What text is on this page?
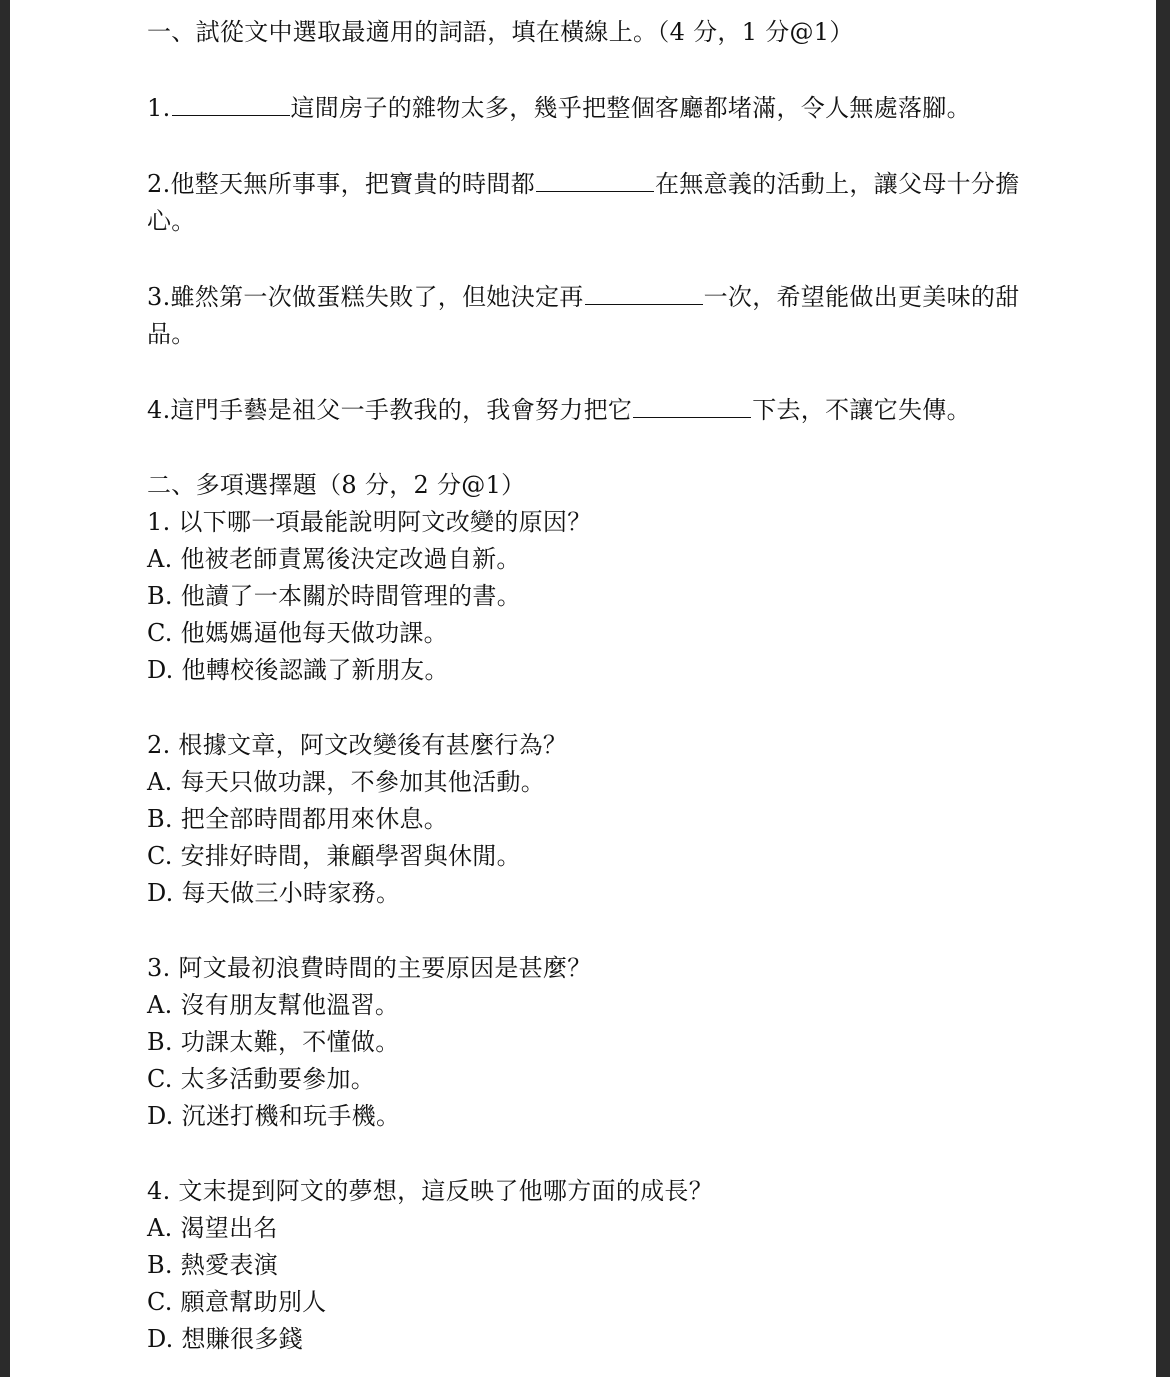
一、試從文中選取最適用的詞語，填在橫線上。（4 分，1 分@1）

1.	這間房子的雜物太多，幾乎把整個客廳都堵滿，令人無處落腳。

2.他整天無所事事，把寶貴的時間都	在無意義的活動上，讓父母十分擔心。

3.雖然第一次做蛋糕失敗了，但她決定再	一次，希望能做出更美味的甜品。

4.這門手藝是祖父一手教我的，我會努力把它	下去，不讓它失傳。

二、多項選擇題（8 分，2 分@1）

1. 以下哪一項最能說明阿文改變的原因？

A. 他被老師責罵後決定改過自新。

B. 他讀了一本關於時間管理的書。

C. 他媽媽逼他每天做功課。

D. 他轉校後認識了新朋友。

2. 根據文章，阿文改變後有甚麼行為？

A. 每天只做功課，不參加其他活動。

B. 把全部時間都用來休息。

C. 安排好時間，兼顧學習與休閒。

D. 每天做三小時家務。

3. 阿文最初浪費時間的主要原因是甚麼？

A. 沒有朋友幫他溫習。

B. 功課太難，不懂做。

C. 太多活動要參加。

D. 沉迷打機和玩手機。

4. 文末提到阿文的夢想，這反映了他哪方面的成長？

A. 渴望出名

B. 熱愛表演

C. 願意幫助別人

D. 想賺很多錢
